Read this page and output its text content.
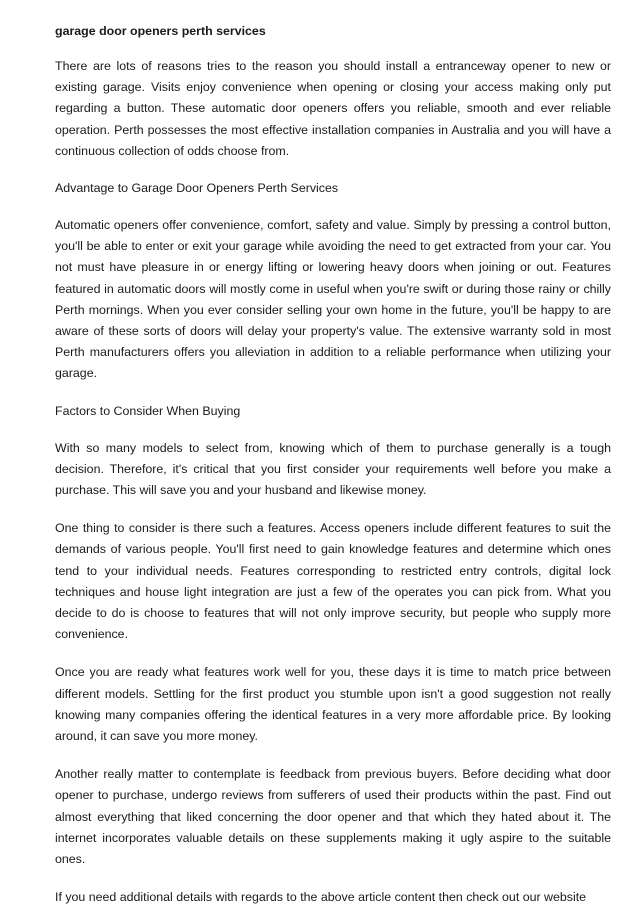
garage door openers perth services

There are lots of reasons tries to the reason you should install a entranceway opener to new or existing garage. Visits enjoy convenience when opening or closing your access making only put regarding a button. These automatic door openers offers you reliable, smooth and ever reliable operation. Perth possesses the most effective installation companies in Australia and you will have a continuous collection of odds choose from.

Advantage to Garage Door Openers Perth Services

Automatic openers offer convenience, comfort, safety and value. Simply by pressing a control button, you'll be able to enter or exit your garage while avoiding the need to get extracted from your car. You not must have pleasure in or energy lifting or lowering heavy doors when joining or out. Features featured in automatic doors will mostly come in useful when you're swift or during those rainy or chilly Perth mornings. When you ever consider selling your own home in the future, you'll be happy to are aware of these sorts of doors will delay your property's value. The extensive warranty sold in most Perth manufacturers offers you alleviation in addition to a reliable performance when utilizing your garage.

Factors to Consider When Buying

With so many models to select from, knowing which of them to purchase generally is a tough decision. Therefore, it's critical that you first consider your requirements well before you make a purchase. This will save you and your husband and likewise money.

One thing to consider is there such a features. Access openers include different features to suit the demands of various people. You'll first need to gain knowledge features and determine which ones tend to your individual needs. Features corresponding to restricted entry controls, digital lock techniques and house light integration are just a few of the operates you can pick from. What you decide to do is choose to features that will not only improve security, but people who supply more convenience.

Once you are ready what features work well for you, these days it is time to match price between different models. Settling for the first product you stumble upon isn't a good suggestion not really knowing many companies offering the identical features in a very more affordable price. By looking around, it can save you more money.

Another really matter to contemplate is feedback from previous buyers. Before deciding what door opener to purchase, undergo reviews from sufferers of used their products within the past. Find out almost everything that liked concerning the door opener and that which they hated about it. The internet incorporates valuable details on these supplements making it ugly aspire to the suitable ones.

If you need additional details with regards to the above article content then check out our website
